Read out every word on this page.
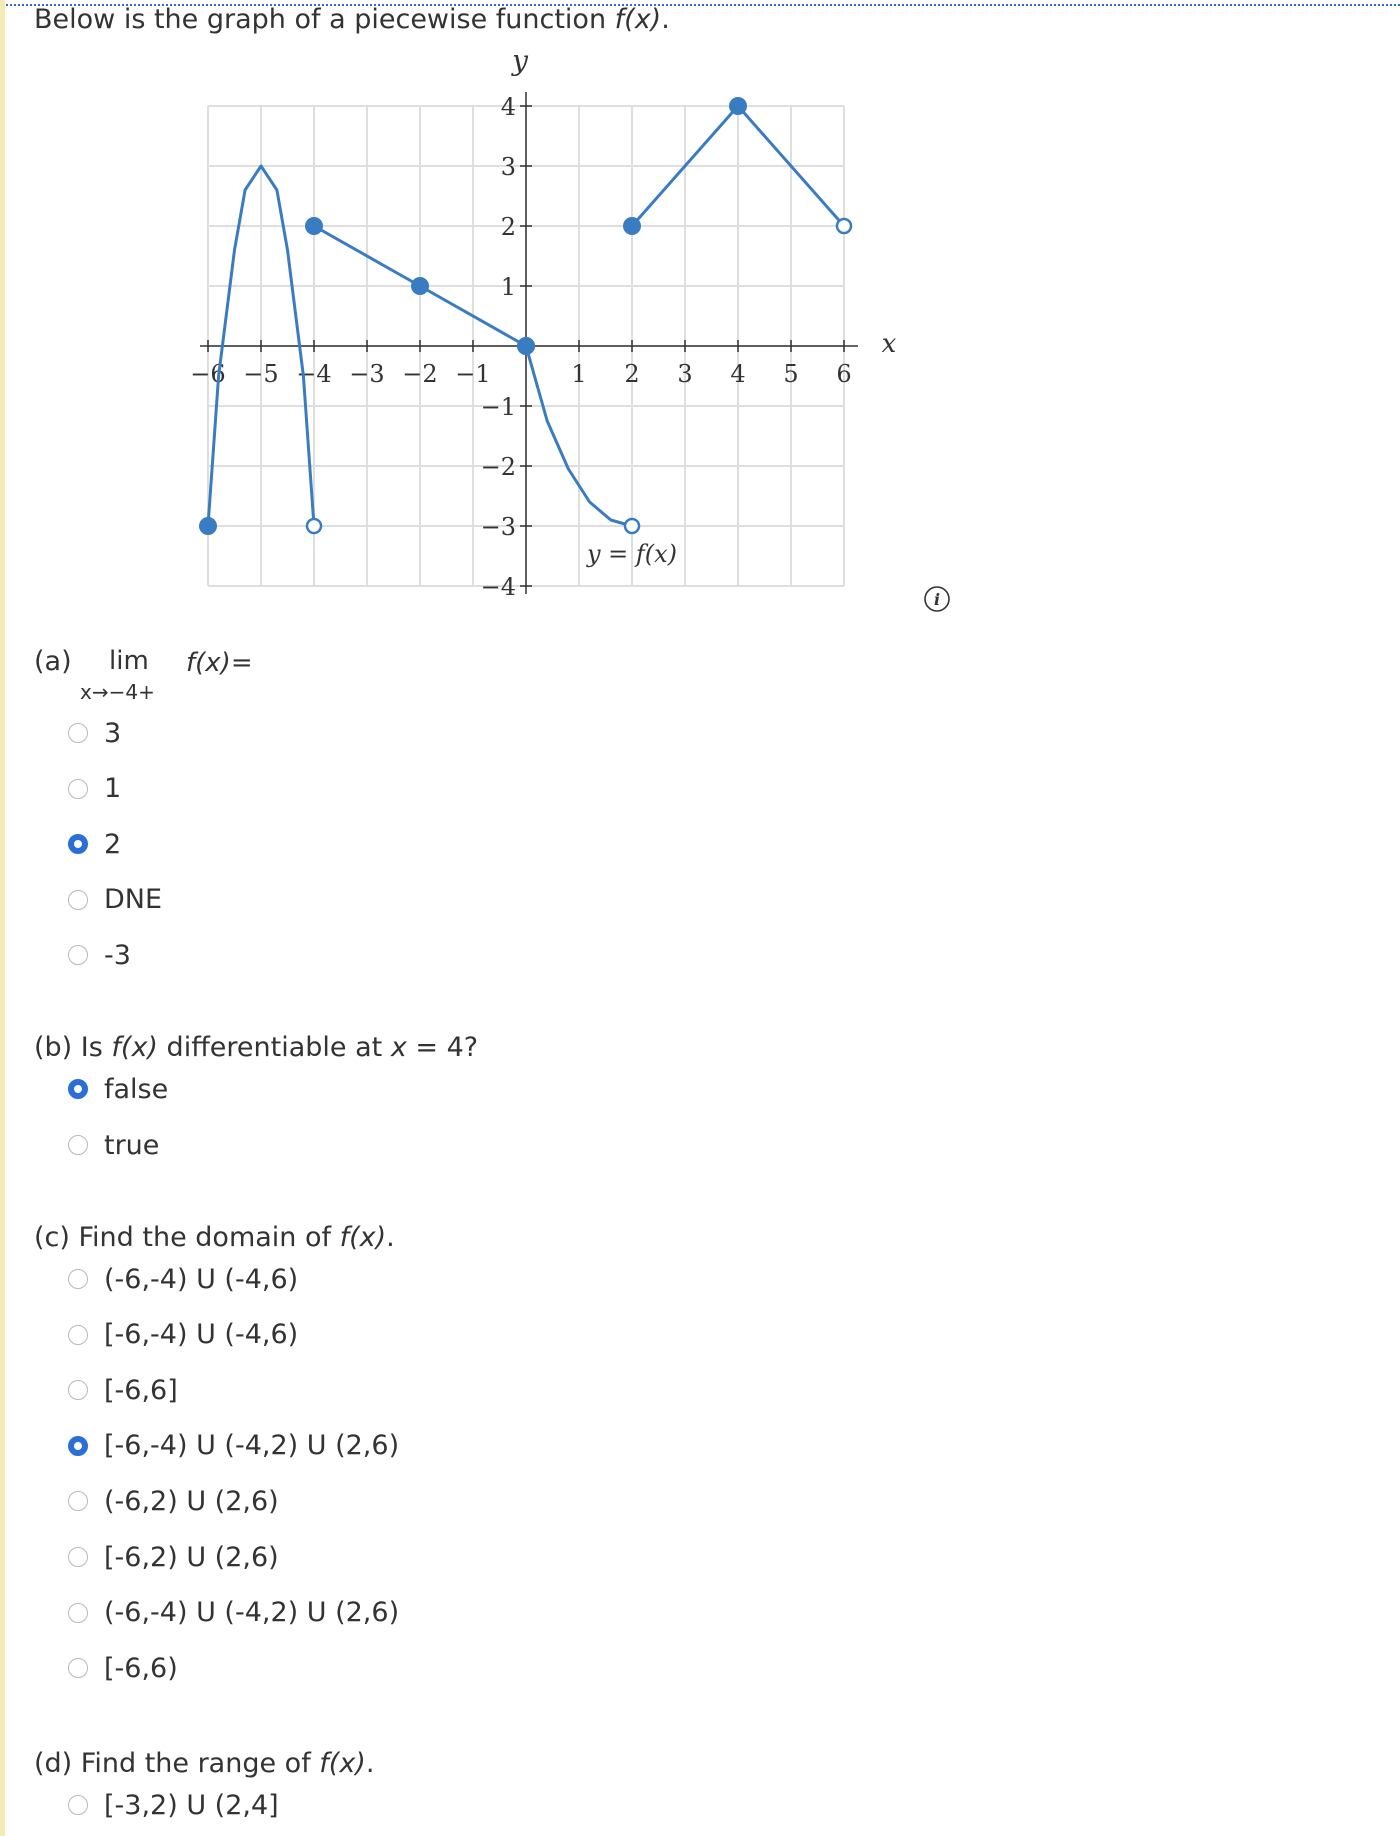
Below is the graph of a piecewise function f(x).
−6 −5 −4 −3 −2 −1	1 2 3 4 5 6
4
3
2
1
−1
−2
−3
−4
y
x
y = f(x)
i
(a) lim
x→−4+
f(x)=
3
1
2
DNE
-3
(b) Is f(x) differentiable at x = 4?
false
true
(c) Find the domain of f(x).
(-6,-4) U (-4,6)
[-6,-4) U (-4,6)
[-6,6]
[-6,-4) U (-4,2) U (2,6)
(-6,2) U (2,6)
[-6,2) U (2,6)
(-6,-4) U (-4,2) U (2,6)
[-6,6)
(d) Find the range of f(x).
[-3,2) U (2,4]
